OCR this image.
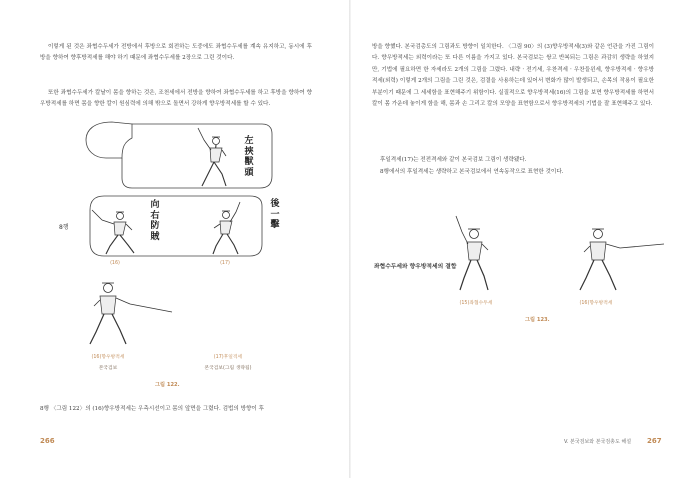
이렇게 된 것은 좌협수두세가 전방에서 후방으로 회전하는 도중에도 좌협수두세를 계속 유지하고, 동시에 후방을 향하여 향후방적세를 해야 하기 때문에 좌협수두세를 2장으로 그린 것이다.

또한 좌협수두세가 칼날이 몸을 향하는 것은, 조천세에서 전방을 향하여 좌협수두세를 하고 후방을 향하여 향우방적세를 하면 몸을 향한 칼이 원심력에 의해 밖으로 돌면서 강하게 향우방적세를 할 수 있다.

左挾獸頭
後一擊
向右防賊
8행
(16)	(17)
(16)향우방적세
본국검보
(17)후일격세
본국검보(그림 생략됨)
그림 122.

8행 〈그림 122〉의 (16)향우방적세는 우측시선이고 몸의 앞면을 그렸다. 검법의 방향이 후

266

방을 향했다. 본국검총도의 그림과도 방향이 일치한다. 〈그림 90〉의 (3)향우방적세(3)와 같은 언관을 가진 그림이다. 향우방적세는 외력이라는 또 다른 이름을 가지고 있다. 본국검보는 쌍고 반복되는 그림은 과감히 생략을 하였지만, 기법에 필요하면 한 자세라도 2개의 그림을 그렸다. 내략 · 전기세, 우찬격세 · 우찬들윈세, 향우방적세 · 향우방적세(외력) 이렇게 2개의 그림을 그린 것은, 검결을 사용하는데 있어서 변화가 많이 발생되고, 손목의 작용이 필요한 부분이기 때문에 그 세세함을 표현해주기 위함이다. 실질적으로 향우방적세(16)의 그림을 보면 향우방적세를 하면서 칼이 몸 가운데 놓이게 함을 해, 몸과 손 그리고 칼의 모양을 표현함으로서 향우방적세의 기법을 잘 표현해주고 있다.

후일격세(17)는 전전격세와 같이 본국검보 그림이 생략됐다.

8행에서의 후일격세는 생략하고 본국검보에서 연속동작으로 표현한 것이다.

좌협수두세와 향우방적세의 결합
(15)좌협수두세	(16)향우방적세
그림 123.
V. 본국검보와 본국검총도 해설 267
